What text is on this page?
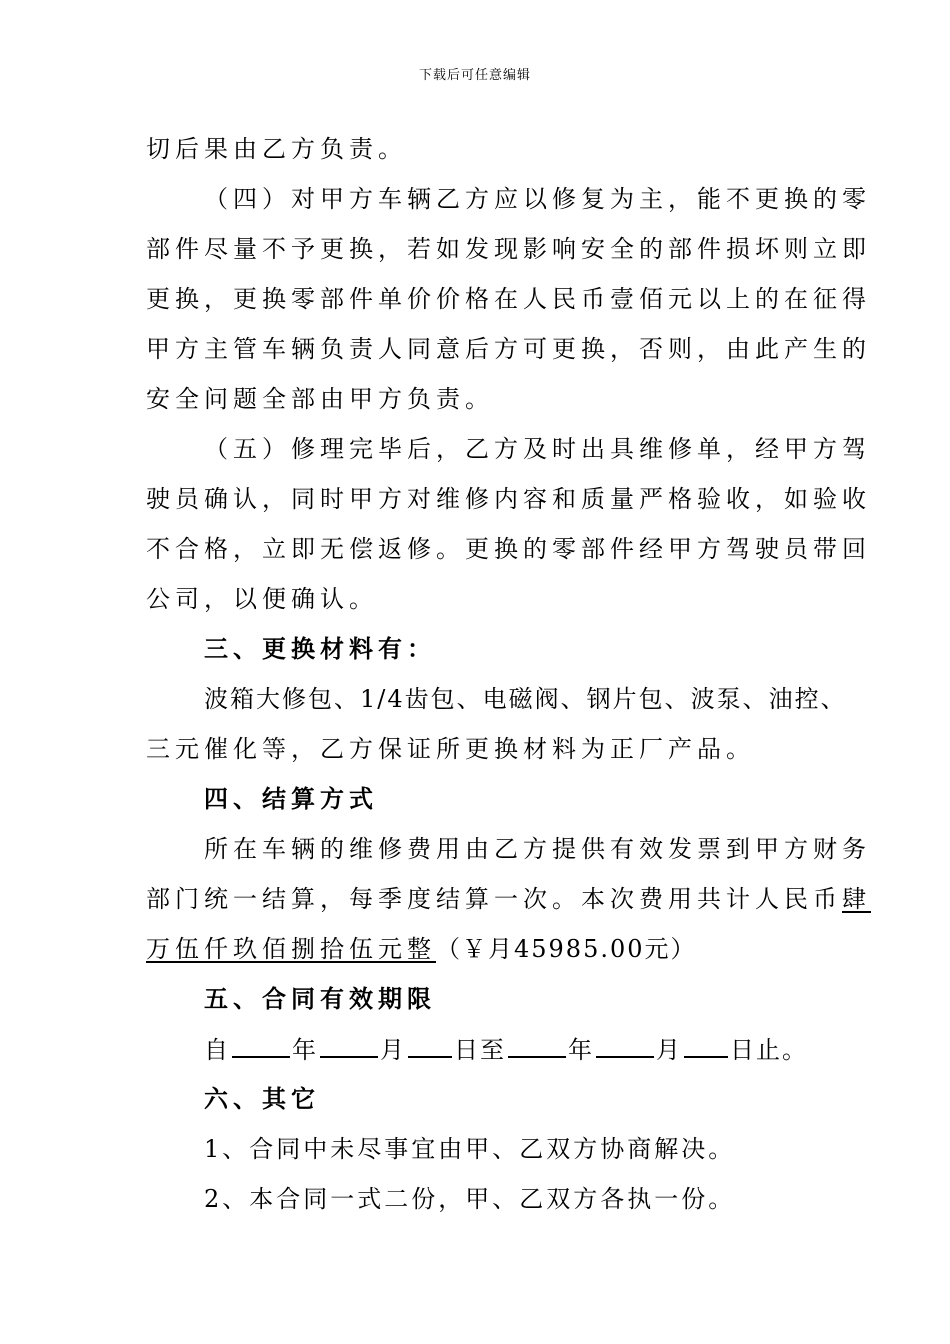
下载后可任意编辑
切后果由乙方负责。
（四）对甲方车辆乙方应以修复为主，能不更换的零
部件尽量不予更换，若如发现影响安全的部件损坏则立即
更换，更换零部件单价价格在人民币壹佰元以上的在征得
甲方主管车辆负责人同意后方可更换，否则，由此产生的
安全问题全部由甲方负责。
（五）修理完毕后，乙方及时出具维修单，经甲方驾
驶员确认，同时甲方对维修内容和质量严格验收，如验收
不合格，立即无偿返修。更换的零部件经甲方驾驶员带回
公司，以便确认。
三、更换材料有：
波箱大修包、1/4齿包、电磁阀、钢片包、波泵、油控、
三元催化等，乙方保证所更换材料为正厂产品。
四、结算方式
所在车辆的维修费用由乙方提供有效发票到甲方财务
部门统一结算，每季度结算一次。本次费用共计人民币肆
万伍仟玖佰捌拾伍元整（￥月45985.00元）
五、合同有效期限
自	年	月 日至	年	月 日止。
六、其它
1、合同中未尽事宜由甲、乙双方协商解决。
2、本合同一式二份，甲、乙双方各执一份。
